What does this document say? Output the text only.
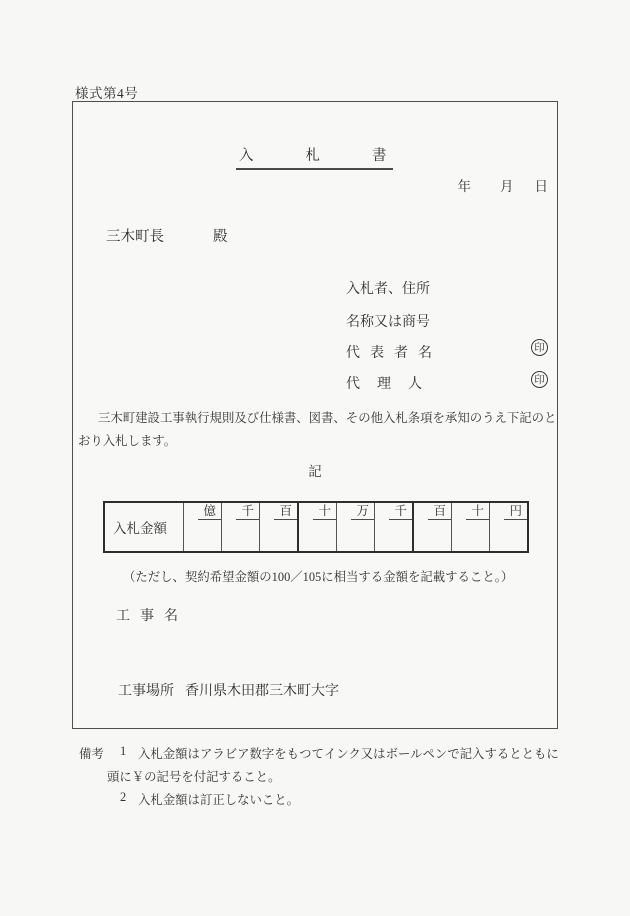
様式第4号
入札書
年 月 日
三木町長	殿
入札者、住所
名称又は商号
代表者名
代理人
印
印
三木町建設工事執行規則及び仕様書、図書、その他入札条項を承知のうえ下記のとおり入札します。
記
入札金額
億	千	百	十	万	千	百	十	円
（ただし、契約希望金額の100／105に相当する金額を記載すること。）
工事名
工事場所 香川県木田郡三木町大字
備考 1 入札金額はアラビア数字をもつてインク又はボールペンで記入するとともに
頭に￥の記号を付記すること。
2 入札金額は訂正しないこと。
